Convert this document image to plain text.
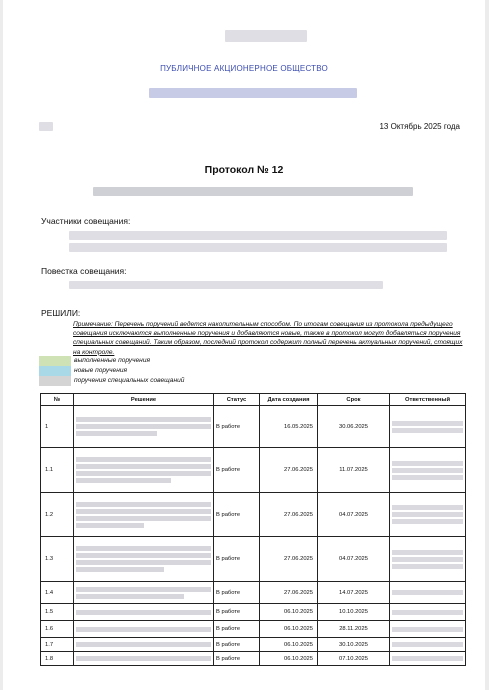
ПУБЛИЧНОЕ АКЦИОНЕРНОЕ ОБЩЕСТВО
13 Октябрь 2025 года
Протокол № 12
Участники совещания:
Повестка совещания:
РЕШИЛИ:
Примечание: Перечень поручений ведется накопительным способом. По итогам совещания из протокола предыдущего совещания исключаются выполненные поручения и добавляются новые, также в протокол могут добавляться поручения специальных совещаний. Таким образом, последний протокол содержит полный перечень актуальных поручений, стоящих на контроле.
выполненные поручения
новые поручения
поручения специальных совещаний
№	Решение	Статус	Дата создания	Срок	Ответственный
1		В работе	16.05.2025	30.06.2025	

1.1		В работе	27.06.2025	11.07.2025	

1.2		В работе	27.06.2025	04.07.2025	

1.3		В работе	27.06.2025	04.07.2025	

1.4		В работе	27.06.2025	14.07.2025	

1.5		В работе	06.10.2025	10.10.2025	

1.6		В работе	06.10.2025	28.11.2025	

1.7		В работе	06.10.2025	30.10.2025	

1.8		В работе	06.10.2025	07.10.2025	
